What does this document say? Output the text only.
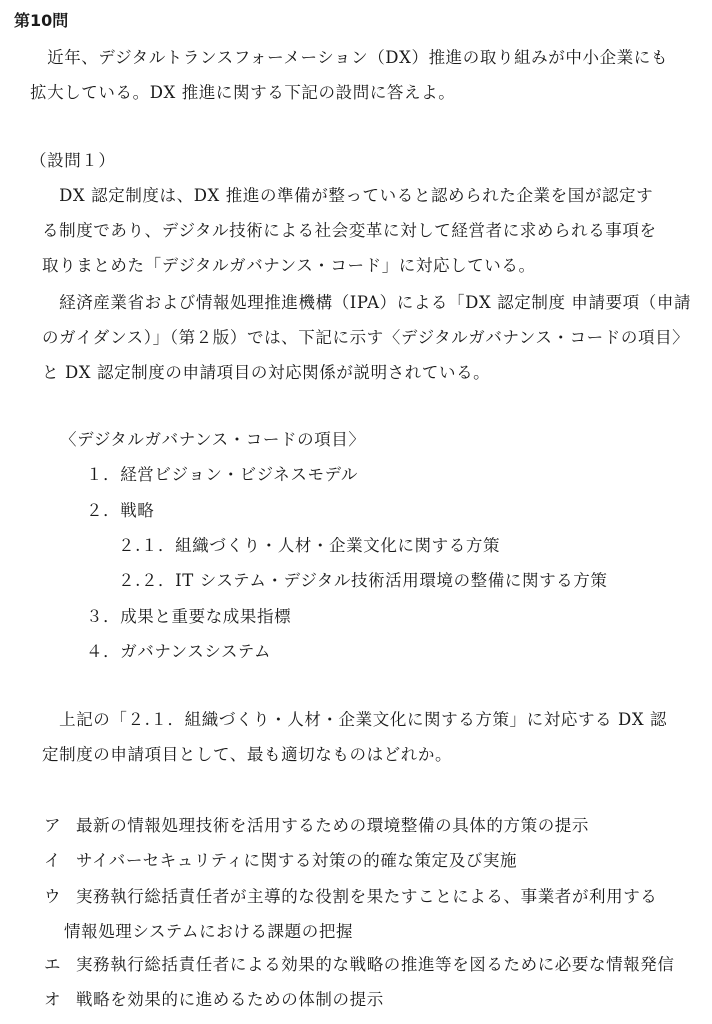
第10問
　近年、デジタルトランスフォーメーション（DX）推進の取り組みが中小企業にも
拡大している。DX 推進に関する下記の設問に答えよ。
（設問１）
　DX 認定制度は、DX 推進の準備が整っていると認められた企業を国が認定す
る制度であり、デジタル技術による社会変革に対して経営者に求められる事項を
取りまとめた「デジタルガバナンス・コード」に対応している。
　経済産業省および情報処理推進機構（IPA）による「DX 認定制度 申請要項（申請
のガイダンス）」（第２版）では、下記に示す〈デジタルガバナンス・コードの項目〉
と DX 認定制度の申請項目の対応関係が説明されている。
〈デジタルガバナンス・コードの項目〉
１．経営ビジョン・ビジネスモデル
２．戦略
２.１．組織づくり・人材・企業文化に関する方策
２.２．IT システム・デジタル技術活用環境の整備に関する方策
３．成果と重要な成果指標
４．ガバナンスシステム
　上記の「２.１．組織づくり・人材・企業文化に関する方策」に対応する DX 認
定制度の申請項目として、最も適切なものはどれか。
ア 最新の情報処理技術を活用するための環境整備の具体的方策の提示
イ サイバーセキュリティに関する対策の的確な策定及び実施
ウ 実務執行総括責任者が主導的な役割を果たすことによる、事業者が利用する
情報処理システムにおける課題の把握
エ 実務執行総括責任者による効果的な戦略の推進等を図るために必要な情報発信
オ 戦略を効果的に進めるための体制の提示
